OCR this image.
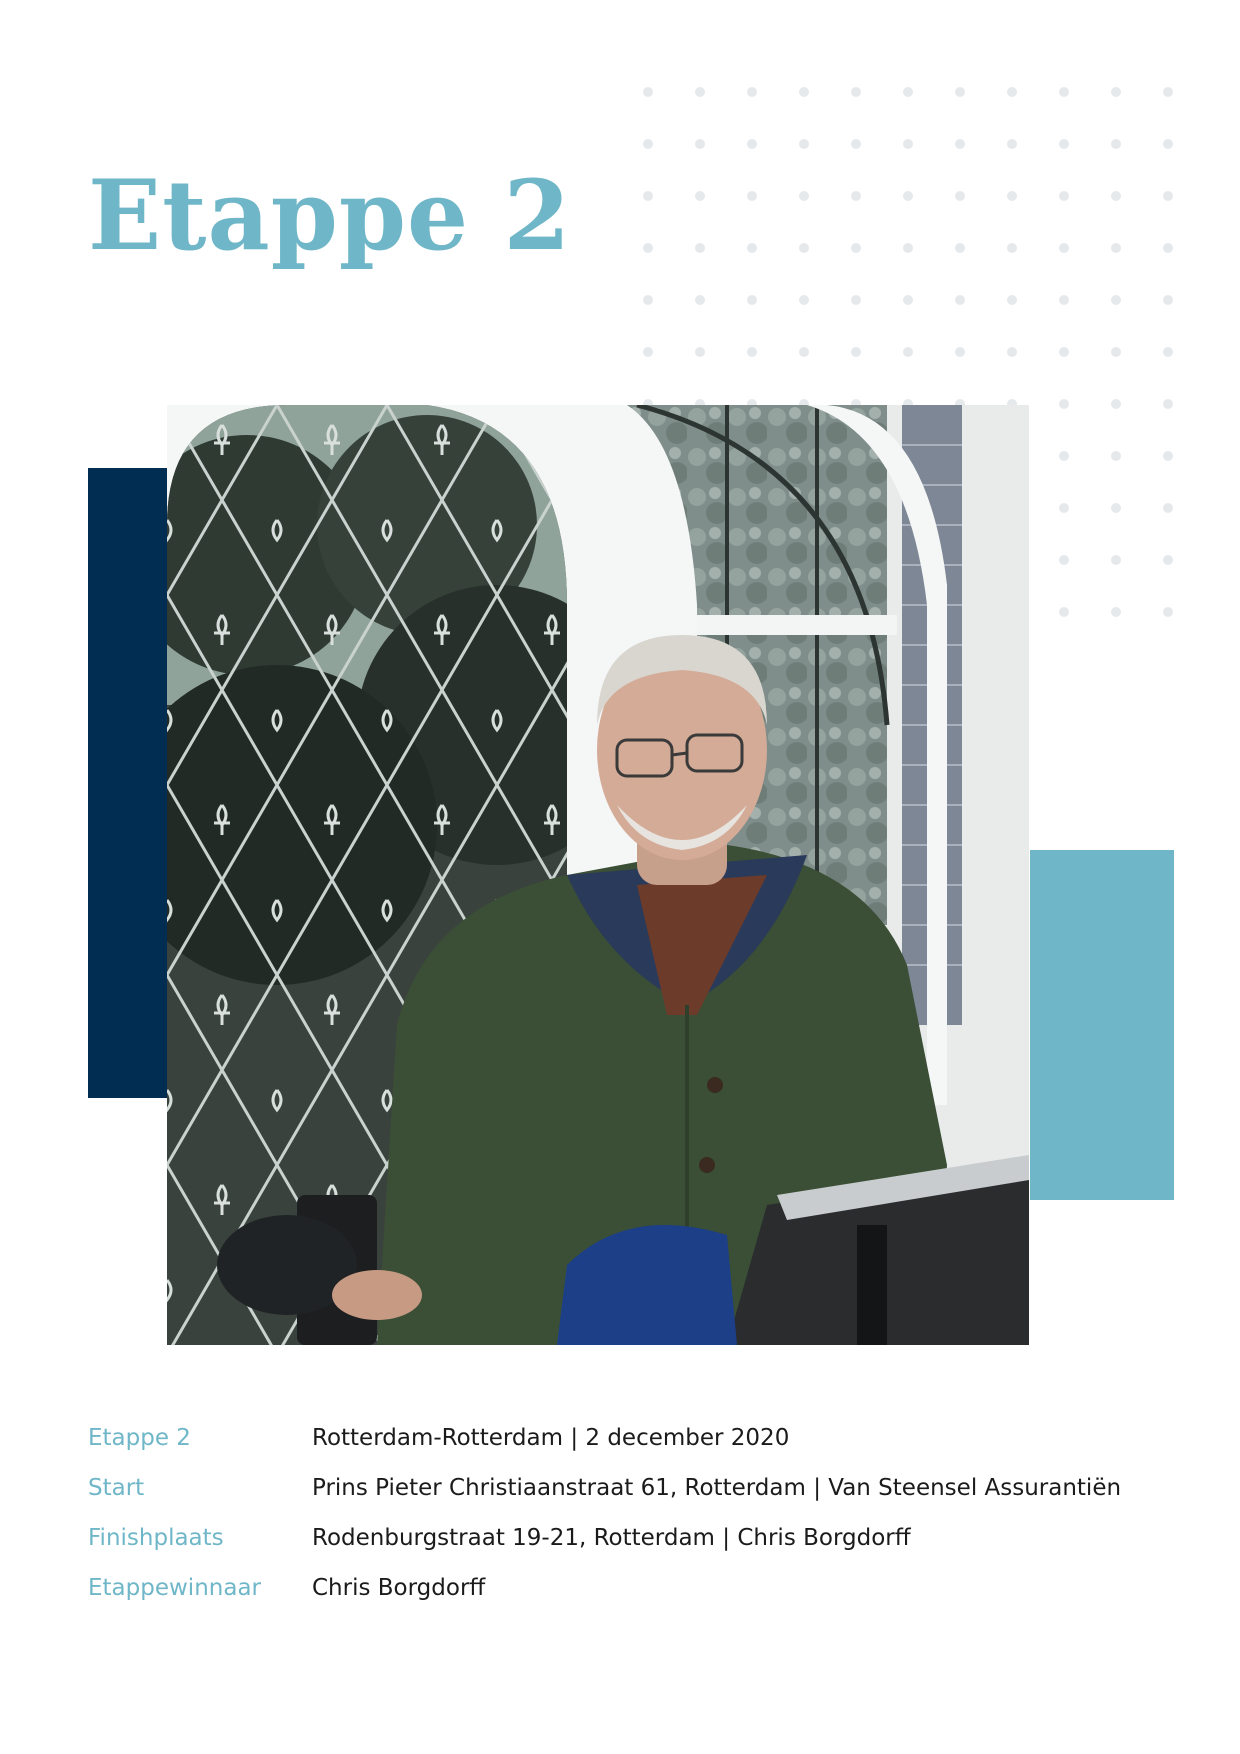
Etappe 2
Etappe 2	Rotterdam-Rotterdam | 2 december 2020
Start	Prins Pieter Christiaanstraat 61, Rotterdam | Van Steensel Assurantiën
Finishplaats	Rodenburgstraat 19-21, Rotterdam | Chris Borgdorff
Etappewinnaar	Chris Borgdorff
